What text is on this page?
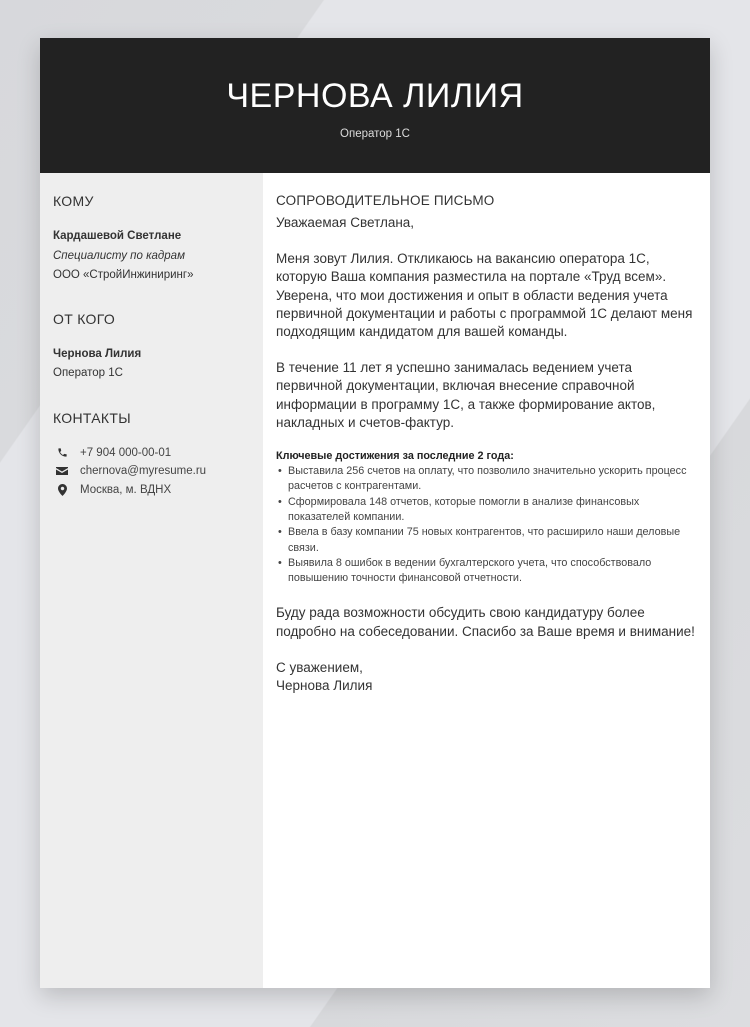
ЧЕРНОВА ЛИЛИЯ
Оператор 1С
КОМУ
Кардашевой Светлане
Специалисту по кадрам
ООО «СтройИнжиниринг»
ОТ КОГО
Чернова Лилия
Оператор 1С
КОНТАКТЫ
+7 904 000-00-01
chernova@myresume.ru
Москва, м. ВДНХ
СОПРОВОДИТЕЛЬНОЕ ПИСЬМО

Уважаемая Светлана,

Меня зовут Лилия. Откликаюсь на вакансию оператора 1С, которую Ваша компания разместила на портале «Труд всем». Уверена, что мои достижения и опыт в области ведения учета первичной документации и работы с программой 1С делают меня подходящим кандидатом для вашей команды.

В течение 11 лет я успешно занималась ведением учета первичной документации, включая внесение справочной информации в программу 1С, а также формирование актов, накладных и счетов-фактур.

Ключевые достижения за последние 2 года:
• Выставила 256 счетов на оплату, что позволило значительно ускорить процесс расчетов с контрагентами.
• Сформировала 148 отчетов, которые помогли в анализе финансовых показателей компании.
• Ввела в базу компании 75 новых контрагентов, что расширило наши деловые связи.
• Выявила 8 ошибок в ведении бухгалтерского учета, что способствовало повышению точности финансовой отчетности.

Буду рада возможности обсудить свою кандидатуру более подробно на собеседовании. Спасибо за Ваше время и внимание!

С уважением,

Чернова Лилия
